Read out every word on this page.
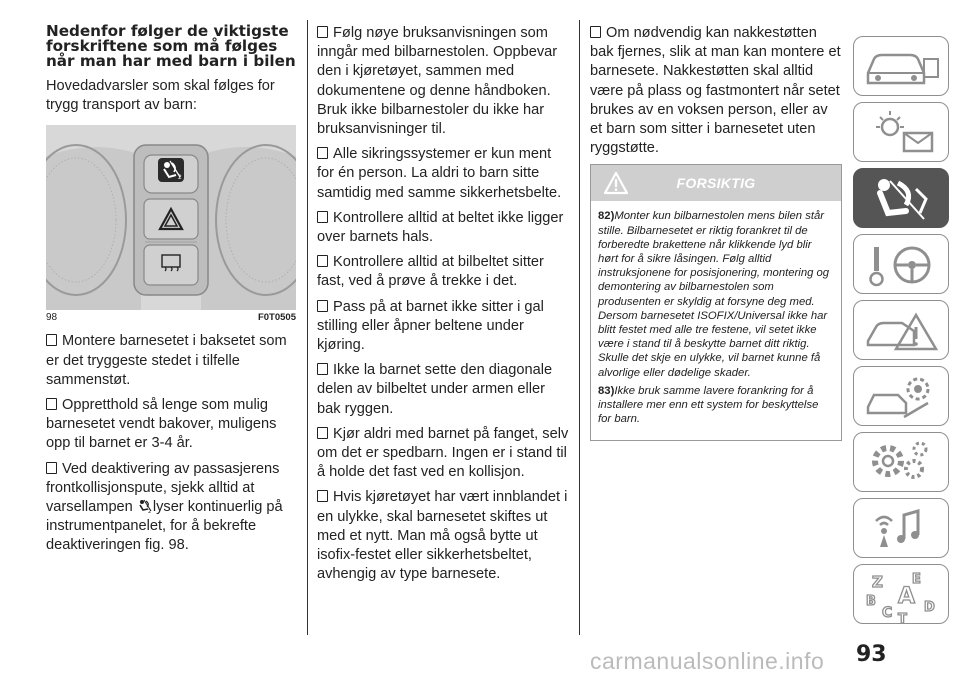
Nedenfor følger de viktigste forskriftene som må følges når man har med barn i bilen

Hovedadvarsler som skal følges for trygg transport av barn:

2
98	F0T0505

Montere barnesetet i baksetet som er det tryggeste stedet i tilfelle sammenstøt.

Oppretthold så lenge som mulig barnesetet vendt bakover, muligens opp til barnet er 3-4 år.

Ved deaktivering av passasjerens frontkollisjonspute, sjekk alltid at varsellampen	2 lyser kontinuerlig på instrumentpanelet, for å bekrefte deaktiveringen fig. 98.

Følg nøye bruksanvisningen som inngår med bilbarnestolen. Oppbevar den i kjøretøyet, sammen med dokumentene og denne håndboken. Bruk ikke bilbarnestoler du ikke har bruksanvisninger til.

Alle sikringssystemer er kun ment for én person. La aldri to barn sitte samtidig med samme sikkerhetsbelte.

Kontrollere alltid at beltet ikke ligger over barnets hals.

Kontrollere alltid at bilbeltet sitter fast, ved å prøve å trekke i det.

Pass på at barnet ikke sitter i gal stilling eller åpner beltene under kjøring.

Ikke la barnet sette den diagonale delen av bilbeltet under armen eller bak ryggen.

Kjør aldri med barnet på fanget, selv om det er spedbarn. Ingen er i stand til å holde det fast ved en kollisjon.

Hvis kjøretøyet har vært innblandet i en ulykke, skal barnesetet skiftes ut med et nytt. Man må også bytte ut isofix-festet eller sikkerhetsbeltet, avhengig av type barnesete.

Om nødvendig kan nakkestøtten bak fjernes, slik at man kan montere et barnesete. Nakkestøtten skal alltid være på plass og fastmontert når setet brukes av en voksen person, eller av et barn som sitter i barnesetet uten ryggstøtte.

FORSIKTIG

82)Monter kun bilbarnestolen mens bilen står stille. Bilbarnesetet er riktig forankret til de forberedte brakettene når klikkende lyd blir hørt for å sikre låsingen. Følg alltid instruksjonene for posisjonering, montering og demontering av bilbarnestolen som produsenten er skyldig at forsyne deg med. Dersom barnesetet ISOFIX/Universal ikke har blitt festet med alle tre festene, vil setet ikke være i stand til å beskytte barnet ditt riktig. Skulle det skje en ulykke, vil barnet kunne få alvorlige eller dødelige skader.

83)Ikke bruk samme lavere forankring for å installere mer enn ett system for beskyttelse for barn.

Z E
B A
C D
T
93
carmanualsonline.info
